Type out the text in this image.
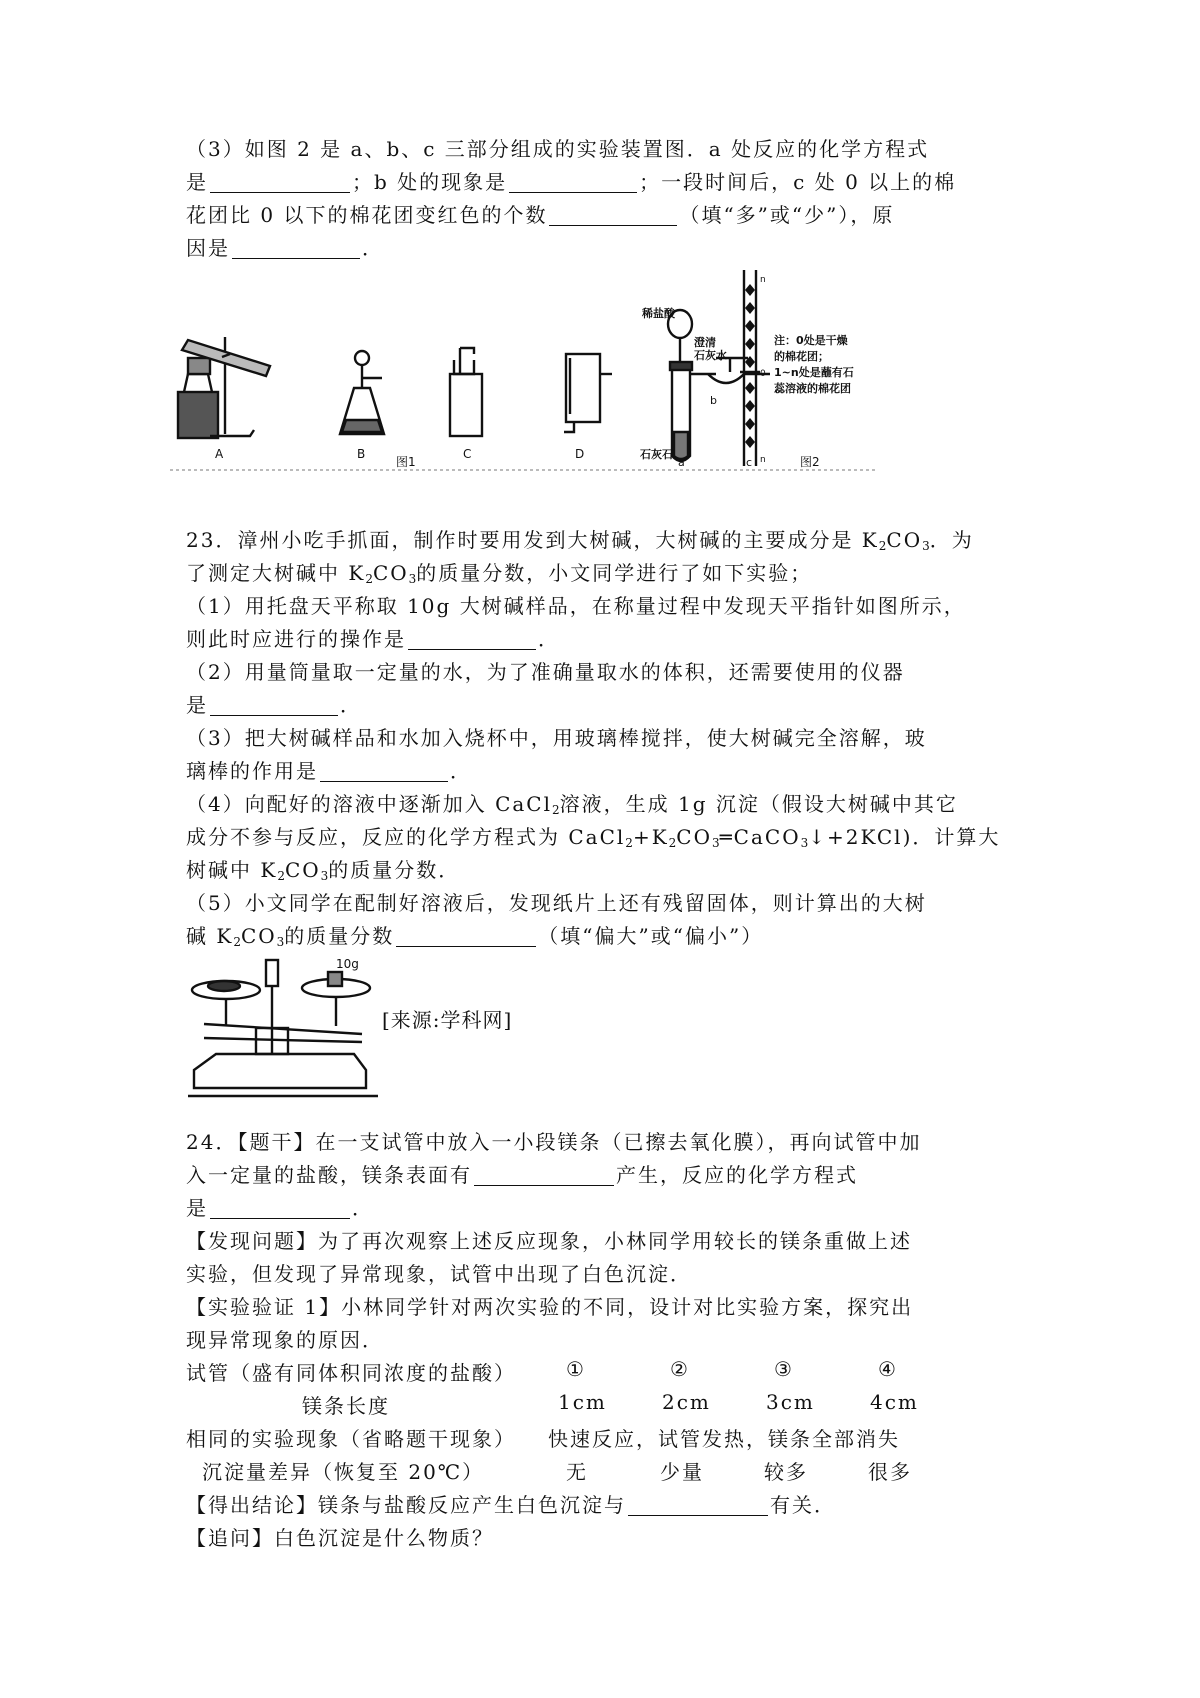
（3）如图 2 是 a、b、c 三部分组成的实验装置图．a 处反应的化学方程式
是	；b 处的现象是	；一段时间后，c 处 0 以上的棉
花团比 0 以下的棉花团变红色的个数	（填“多”或“少”），原
因是	．
A	B	C	D
图1
稀盐酸
澄清
石灰水
石灰石
b
a	c
n
0
n
注：0处是干燥
的棉花团；
1~n处是蘸有石
蕊溶液的棉花团
图2
23．漳州小吃手抓面，制作时要用发到大树碱，大树碱的主要成分是 $K_2CO_3$．为
了测定大树碱中 $K_2CO_3$的质量分数，小文同学进行了如下实验；
（1）用托盘天平称取 10g 大树碱样品，在称量过程中发现天平指针如图所示，
则此时应进行的操作是	．
（2）用量筒量取一定量的水，为了准确量取水的体积，还需要使用的仪器
是	．
（3）把大树碱样品和水加入烧杯中，用玻璃棒搅拌，使大树碱完全溶解，玻
璃棒的作用是	．
（4）向配好的溶液中逐渐加入 CaCl$_2$溶液，生成 1g 沉淀（假设大树碱中其它
成分不参与反应，反应的化学方程式为 $CaCl_2+K_2CO_3═CaCO_3↓+2KCl$)．计算大
树碱中 $K_2CO_3$的质量分数．
（5）小文同学在配制好溶液后，发现纸片上还有残留固体，则计算出的大树
碱 $K_2CO_3$的质量分数	（填“偏大”或“偏小”）
10g
[来源:学科网]
24．【题干】在一支试管中放入一小段镁条（已擦去氧化膜），再向试管中加
入一定量的盐酸，镁条表面有	产生，反应的化学方程式
是	．
【发现问题】为了再次观察上述反应现象，小林同学用较长的镁条重做上述
实验，但发现了异常现象，试管中出现了白色沉淀．
【实验验证 1】小林同学针对两次实验的不同，设计对比实验方案，探究出
现异常现象的原因．
试管（盛有同体积同浓度的盐酸）	①	②	③	④
镁条长度	1cm	2cm	3cm	4cm
相同的实验现象（省略题干现象） 快速反应，试管发热，镁条全部消失
沉淀量差异（恢复至 20℃）	无	少量	较多	很多
【得出结论】镁条与盐酸反应产生白色沉淀与	有关．
【追问】白色沉淀是什么物质？
